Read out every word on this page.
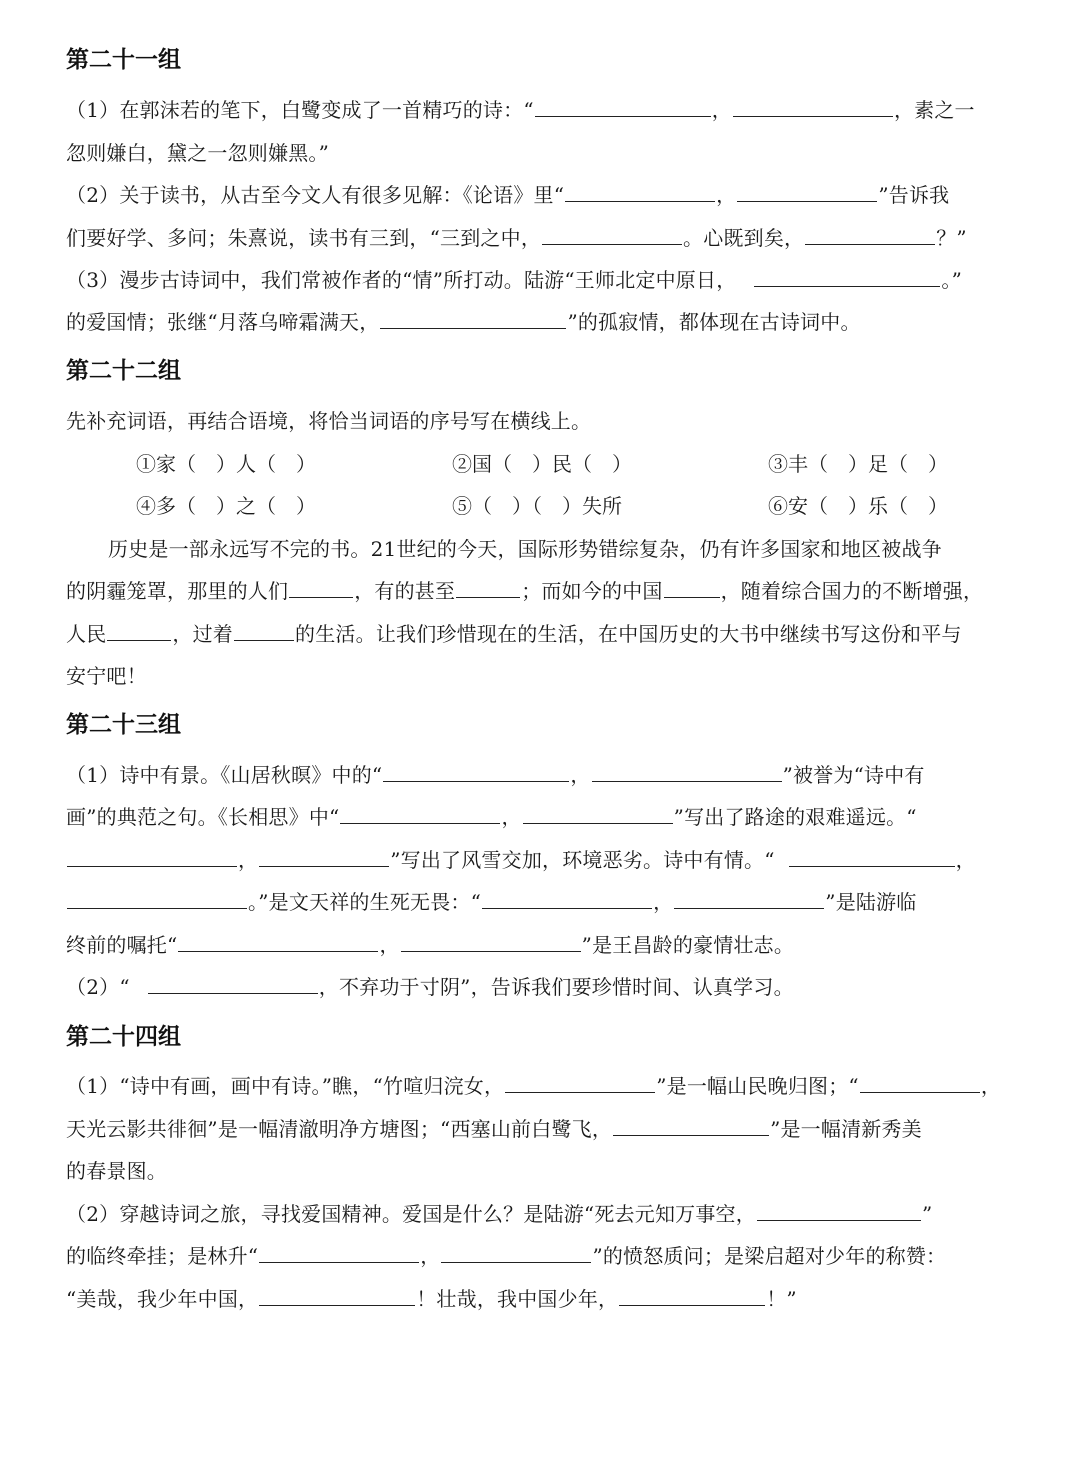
第二十一组
（1）在郭沫若的笔下，白鹭变成了一首精巧的诗：“	，	，素之一
忽则嫌白，黛之一忽则嫌黑。”
（2）关于读书，从古至今文人有很多见解：《论语》里“	，	”告诉我
们要好学、多问；朱熹说，读书有三到，“三到之中，	。心既到矣，	？”
（3）漫步古诗词中，我们常被作者的“情”所打动。陆游“王师北定中原日，	。”
的爱国情；张继“月落乌啼霜满天，	”的孤寂情，都体现在古诗词中。
第二十二组
先补充词语，再结合语境，将恰当词语的序号写在横线上。
①家（　）人（　）	②国（　）民（　）	③丰（　）足（　）
④多（　）之（　）	⑤（　）（　）失所	⑥安（　）乐（　）
历史是一部永远写不完的书。21世纪的今天，国际形势错综复杂，仍有许多国家和地区被战争
的阴霾笼罩，那里的人们	，有的甚至	；而如今的中国	，随着综合国力的不断增强，
人民	，过着	的生活。让我们珍惜现在的生活，在中国历史的大书中继续书写这份和平与
安宁吧！
第二十三组
（1）诗中有景。《山居秋暝》中的“	，	”被誉为“诗中有
画”的典范之句。《长相思》中“	，	”写出了路途的艰难遥远。“
，	”写出了风雪交加，环境恶劣。诗中有情。“	，
。”是文天祥的生死无畏：“	，	”是陆游临
终前的嘱托“	，	”是王昌龄的豪情壮志。
（2）“	，不弃功于寸阴”，告诉我们要珍惜时间、认真学习。
第二十四组
（1）“诗中有画，画中有诗。”瞧，“竹喧归浣女，	”是一幅山民晚归图；“	，
天光云影共徘徊”是一幅清澈明净方塘图；“西塞山前白鹭飞，	”是一幅清新秀美
的春景图。
（2）穿越诗词之旅，寻找爱国精神。爱国是什么？是陆游“死去元知万事空，	”
的临终牵挂；是林升“	，	”的愤怒质问；是梁启超对少年的称赞：
“美哉，我少年中国，	！壮哉，我中国少年，	！”
